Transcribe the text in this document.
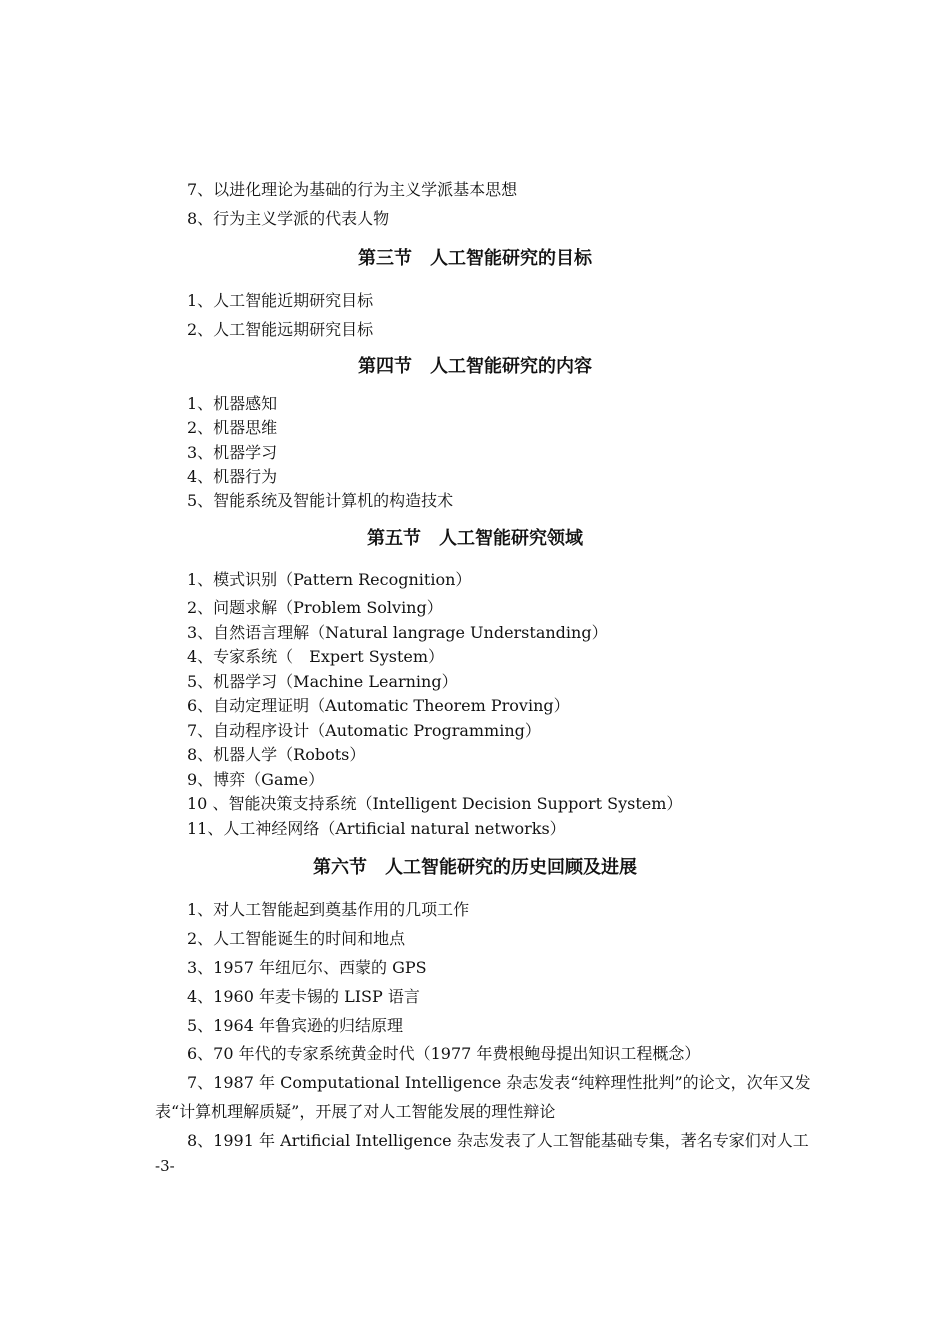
7、以进化理论为基础的行为主义学派基本思想
8、行为主义学派的代表人物
第三节　人工智能研究的目标
1、人工智能近期研究目标
2、人工智能远期研究目标
第四节　人工智能研究的内容
1、机器感知
2、机器思维
3、机器学习
4、机器行为
5、智能系统及智能计算机的构造技术
第五节　人工智能研究领域
1、模式识别（Pattern Recognition）
2、问题求解（Problem Solving）
3、自然语言理解（Natural langrage Understanding）
4、专家系统（　Expert System）
5、机器学习（Machine Learning）
6、自动定理证明（Automatic Theorem Proving）
7、自动程序设计（Automatic Programming）
8、机器人学（Robots）
9、博弈（Game）
10 、智能决策支持系统（Intelligent Decision Support System）
11、人工神经网络（Artificial natural networks）
第六节　人工智能研究的历史回顾及进展
1、对人工智能起到奠基作用的几项工作
2、人工智能诞生的时间和地点
3、1957 年纽厄尔、西蒙的 GPS
4、1960 年麦卡锡的 LISP 语言
5、1964 年鲁宾逊的归结原理
6、70 年代的专家系统黄金时代（1977 年费根鲍母提出知识工程概念）
7、1987 年 Computational Intelligence 杂志发表“纯粹理性批判”的论文，次年又发
表“计算机理解质疑”，开展了对人工智能发展的理性辩论
8、1991 年 Artificial Intelligence 杂志发表了人工智能基础专集，著名专家们对人工
-3-
